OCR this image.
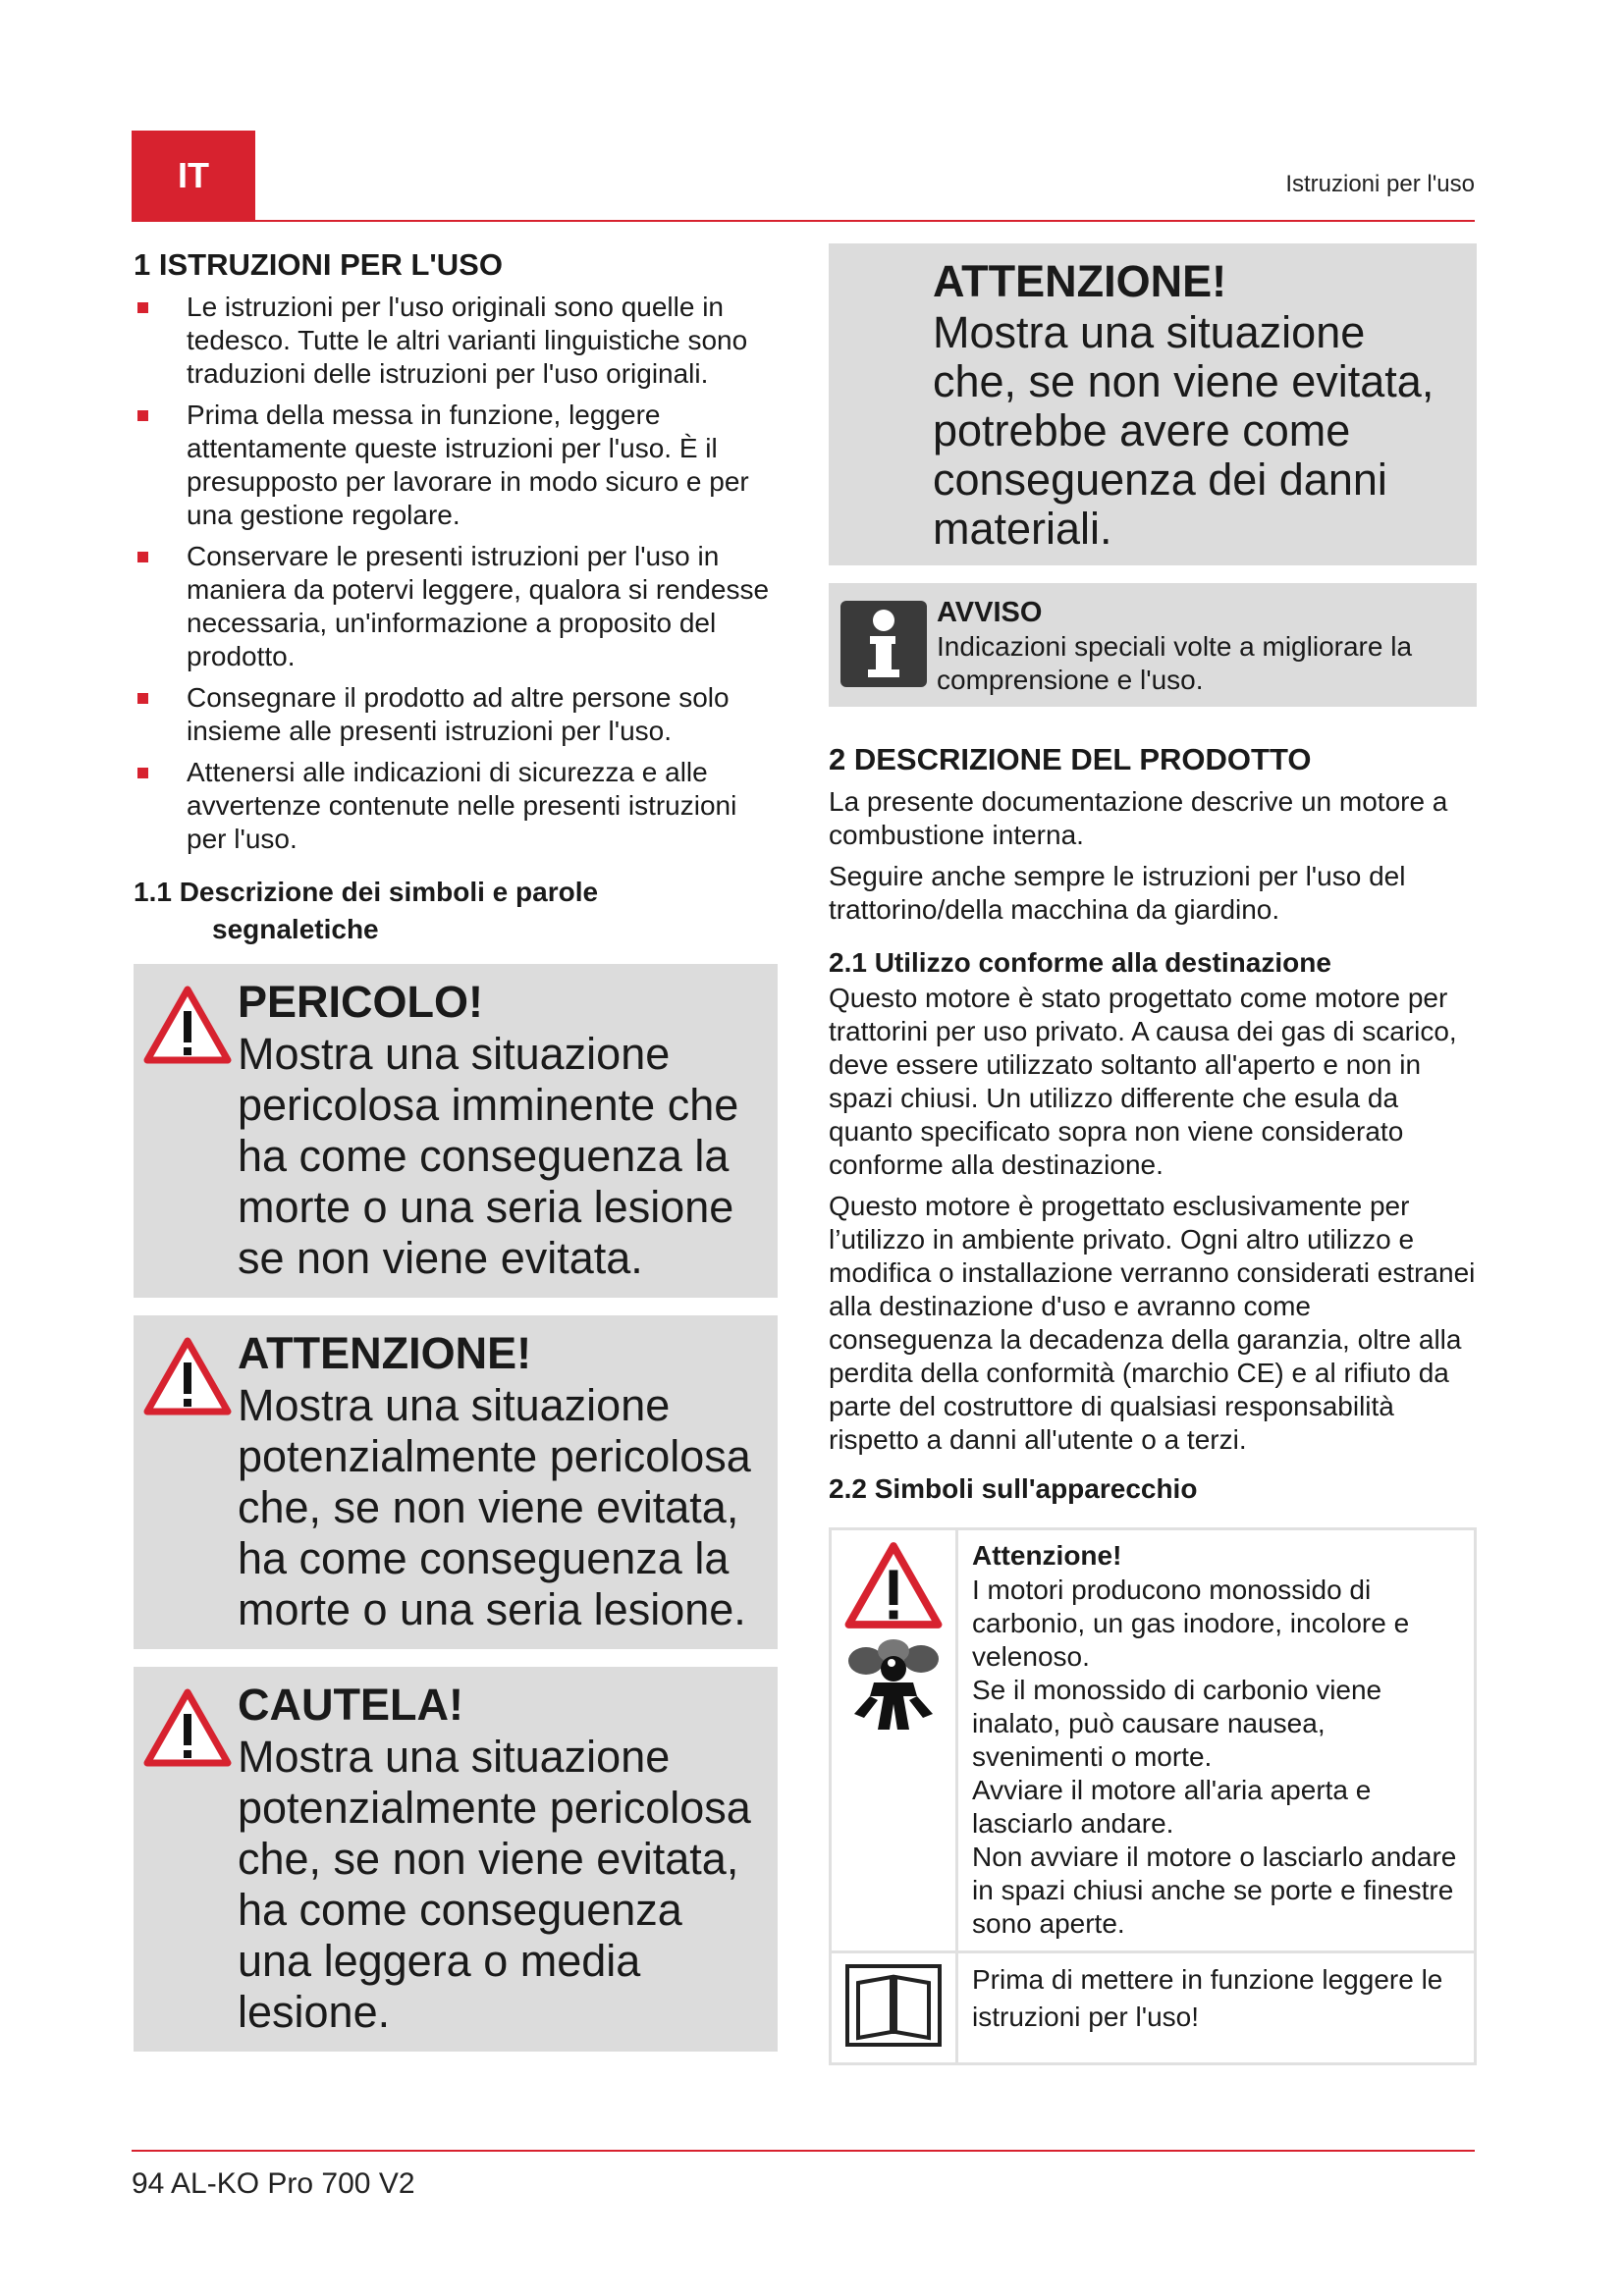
IT	Istruzioni per l'uso
1 ISTRUZIONI PER L'USO
Le istruzioni per l'uso originali sono quelle in tedesco. Tutte le altri varianti linguistiche sono traduzioni delle istruzioni per l'uso originali.
Prima della messa in funzione, leggere attentamente queste istruzioni per l'uso. È il presupposto per lavorare in modo sicuro e per una gestione regolare.
Conservare le presenti istruzioni per l'uso in maniera da potervi leggere, qualora si rendesse necessaria, un'informazione a proposito del prodotto.
Consegnare il prodotto ad altre persone solo insieme alle presenti istruzioni per l'uso.
Attenersi alle indicazioni di sicurezza e alle avvertenze contenute nelle presenti istruzioni per l'uso.
1.1 Descrizione dei simboli e parole
segnaletiche
PERICOLO!
Mostra una situazione pericolosa imminente che ha come conseguenza la morte o una seria lesione se non viene evitata.
ATTENZIONE!
Mostra una situazione potenzialmente pericolosa che, se non viene evitata, ha come conseguenza la morte o una seria lesione.
CAUTELA!
Mostra una situazione potenzialmente pericolosa che, se non viene evitata, ha come conseguenza una leggera o media lesione.
ATTENZIONE!
Mostra una situazione che, se non viene evitata, potrebbe avere come conseguenza dei danni materiali.
AVVISO
Indicazioni speciali volte a migliorare la comprensione e l'uso.
2 DESCRIZIONE DEL PRODOTTO

La presente documentazione descrive un motore a combustione interna.

Seguire anche sempre le istruzioni per l'uso del trattorino/della macchina da giardino.

2.1 Utilizzo conforme alla destinazione

Questo motore è stato progettato come motore per trattorini per uso privato. A causa dei gas di scarico, deve essere utilizzato soltanto all'aperto e non in spazi chiusi. Un utilizzo differente che esula da quanto specificato sopra non viene considerato conforme alla destinazione.

Questo motore è progettato esclusivamente per l’utilizzo in ambiente privato. Ogni altro utilizzo e modifica o installazione verranno considerati estranei alla destinazione d'uso e avranno come conseguenza la decadenza della garanzia, oltre alla perdita della conformità (marchio CE) e al rifiuto da parte del costruttore di qualsiasi responsabilità rispetto a danni all'utente o a terzi.

2.2 Simboli sull'apparecchio

Attenzione!

I motori producono monossido di carbonio, un gas inodore, incolore e velenoso.

Se il monossido di carbonio viene inalato, può causare nausea, svenimenti o morte.

Avviare il motore all'aria aperta e lasciarlo andare.

Non avviare il motore o lasciarlo andare in spazi chiusi anche se porte e finestre sono aperte.

Prima di mettere in funzione leggere le istruzioni per l'uso!

94 AL-KO Pro 700 V2
